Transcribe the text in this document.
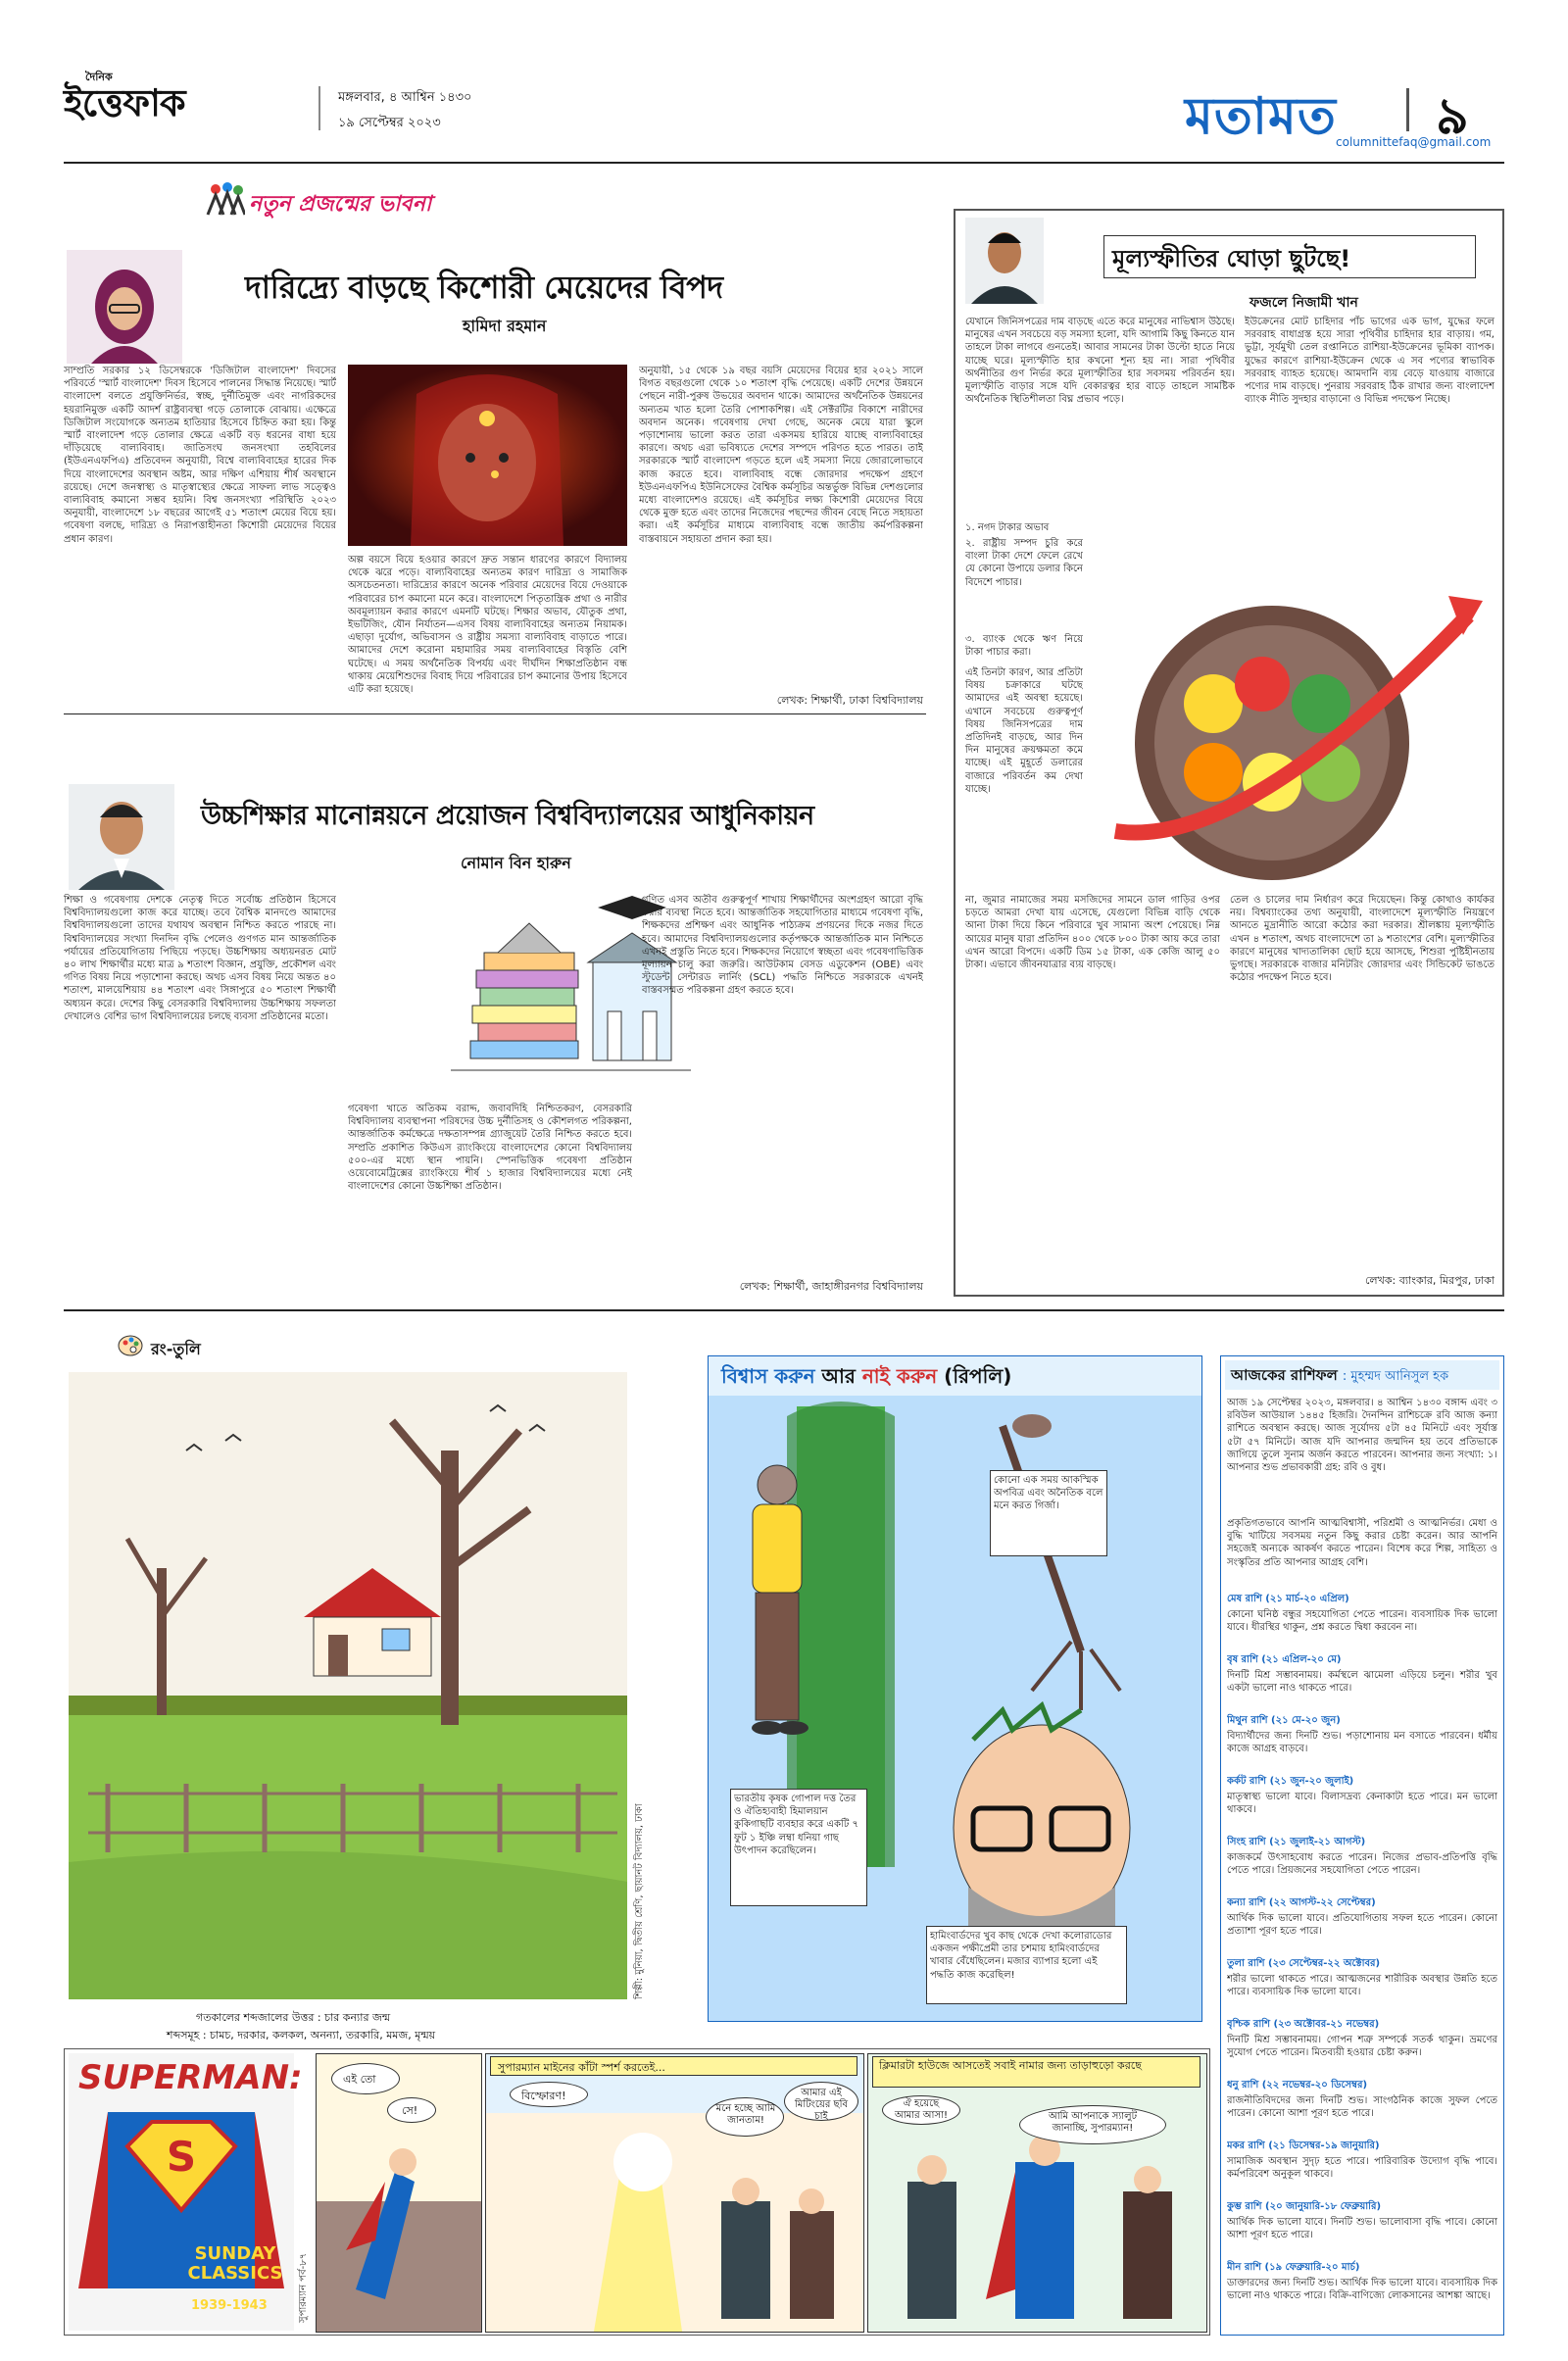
দৈনিক
ইত্তেফাক	মঙ্গলবার, ৪ আশ্বিন ১৪৩০
১৯ সেপ্টেম্বর ২০২৩	মতামত ৯
columnittefaq@gmail.com
নতুন প্রজন্মের ভাবনা
দারিদ্র্যে বাড়ছে কিশোরী মেয়েদের বিপদ
হামিদা রহমান
সাম্প্রতি সরকার ১২ ডিসেম্বরকে 'ডিজিটাল বাংলাদেশ' দিবসের পরিবর্তে 'স্মার্ট বাংলাদেশ' দিবস হিসেবে পালনের সিদ্ধান্ত নিয়েছে। স্মার্ট বাংলাদেশ বলতে প্রযুক্তিনির্ভর, স্বচ্ছ, দুর্নীতিমুক্ত এবং নাগরিকদের হয়রানিমুক্ত একটি আদর্শ রাষ্ট্রব্যবস্থা গড়ে তোলাকে বোঝায়। এক্ষেত্রে ডিজিটাল সংযোগকে অন্যতম হাতিয়ার হিসেবে চিহ্নিত করা হয়। কিন্তু স্মার্ট বাংলাদেশ গড়ে তোলার ক্ষেত্রে একটি বড় ধরনের বাধা হয়ে দাঁড়িয়েছে বাল্যবিবাহ। জাতিসংঘ জনসংখ্যা তহবিলের (ইউএনএফপিএ) প্রতিবেদন অনুযায়ী, বিশ্বে বাল্যবিবাহের হারের দিক দিয়ে বাংলাদেশের অবস্থান অষ্টম, আর দক্ষিণ এশিয়ায় শীর্ষ অবস্থানে রয়েছে। দেশে জনস্বাস্থ্য ও মাতৃস্বাস্থ্যের ক্ষেত্রে সাফল্য লাভ সত্ত্বেও বাল্যবিবাহ কমানো সম্ভব হয়নি। বিশ্ব জনসংখ্যা পরিস্থিতি ২০২৩ অনুযায়ী, বাংলাদেশে ১৮ বছরের আগেই ৫১ শতাংশ মেয়ের বিয়ে হয়। গবেষণা বলছে, দারিদ্র্য ও নিরাপত্তাহীনতা কিশোরী মেয়েদের বিয়ের প্রধান কারণ।
অল্প বয়সে বিয়ে হওয়ার কারণে দ্রুত সন্তান ধারণের কারণে বিদ্যালয় থেকে ঝরে পড়ে। বাল্যবিবাহের অন্যতম কারণ দারিদ্র্য ও সামাজিক অসচেতনতা। দারিদ্র্যের কারণে অনেক পরিবার মেয়েদের বিয়ে দেওয়াকে পরিবারের চাপ কমানো মনে করে। বাংলাদেশে পিতৃতান্ত্রিক প্রথা ও নারীর অবমূল্যায়ন করার কারণে এমনটি ঘটছে। শিক্ষার অভাব, যৌতুক প্রথা, ইভটিজিং, যৌন নির্যাতন—এসব বিষয় বাল্যবিবাহের অন্যতম নিয়ামক। এছাড়া দুর্যোগ, অভিবাসন ও রাষ্ট্রীয় সমস্যা বাল্যবিবাহ বাড়াতে পারে। আমাদের দেশে করোনা মহামারির সময় বাল্যবিবাহের বিস্তৃতি বেশি ঘটেছে। এ সময় অর্থনৈতিক বিপর্যয় এবং দীর্ঘদিন শিক্ষাপ্রতিষ্ঠান বন্ধ থাকায় মেয়েশিশুদের বিবাহ দিয়ে পরিবারের চাপ কমানোর উপায় হিসেবে এটি করা হয়েছে।
অনুযায়ী, ১৫ থেকে ১৯ বছর বয়সি মেয়েদের বিয়ের হার ২০২১ সালে বিগত বছরগুলো থেকে ১০ শতাংশ বৃদ্ধি পেয়েছে। একটি দেশের উন্নয়নে পেছনে নারী-পুরুষ উভয়ের অবদান থাকে। আমাদের অর্থনৈতিক উন্নয়নের অন্যতম খাত হলো তৈরি পোশাকশিল্প। এই সেক্টরটির বিকাশে নারীদের অবদান অনেক। গবেষণায় দেখা গেছে, অনেক মেয়ে যারা স্কুলে পড়াশোনায় ভালো করত তারা একসময় হারিয়ে যাচ্ছে বাল্যবিবাহের কারণে। অথচ এরা ভবিষ্যতে দেশের সম্পদে পরিণত হতে পারত। তাই সরকারকে স্মার্ট বাংলাদেশ গড়তে হলে এই সমস্যা নিয়ে জোরালোভাবে কাজ করতে হবে। বাল্যবিবাহ বন্ধে জোরদার পদক্ষেপ গ্রহণে ইউএনএফপিএ ইউনিসেফের বৈশ্বিক কর্মসূচির অন্তর্ভুক্ত বিভিন্ন দেশগুলোর মধ্যে বাংলাদেশও রয়েছে। এই কর্মসূচির লক্ষ্য কিশোরী মেয়েদের বিয়ে থেকে মুক্ত হতে এবং তাদের নিজেদের পছন্দের জীবন বেছে নিতে সহায়তা করা। এই কর্মসূচির মাধ্যমে বাল্যবিবাহ বন্ধে জাতীয় কর্মপরিকল্পনা বাস্তবায়নে সহায়তা প্রদান করা হয়।
লেখক: শিক্ষার্থী, ঢাকা বিশ্ববিদ্যালয়
উচ্চশিক্ষার মানোন্নয়নে প্রয়োজন বিশ্ববিদ্যালয়ের আধুনিকায়ন
নোমান বিন হারুন
শিক্ষা ও গবেষণায় দেশকে নেতৃত্ব দিতে সর্বোচ্চ প্রতিষ্ঠান হিসেবে বিশ্ববিদ্যালয়গুলো কাজ করে যাচ্ছে। তবে বৈশ্বিক মানদণ্ডে আমাদের বিশ্ববিদ্যালয়গুলো তাদের যথাযথ অবস্থান নিশ্চিত করতে পারছে না। বিশ্ববিদ্যালয়ের সংখ্যা দিনদিন বৃদ্ধি পেলেও গুণগত মান আন্তর্জাতিক পর্যায়ের প্রতিযোগিতায় পিছিয়ে পড়ছে। উচ্চশিক্ষায় অধ্যয়নরত মোট ৪০ লাখ শিক্ষার্থীর মধ্যে মাত্র ৯ শতাংশ বিজ্ঞান, প্রযুক্তি, প্রকৌশল এবং গণিত বিষয় নিয়ে পড়াশোনা করছে। অথচ এসব বিষয় নিয়ে অন্তত ৪০ শতাংশ, মালয়েশিয়ায় ৪৪ শতাংশ এবং সিঙ্গাপুরে ৫০ শতাংশ শিক্ষার্থী অধ্যয়ন করে। দেশের কিছু বেসরকারি বিশ্ববিদ্যালয় উচ্চশিক্ষায় সফলতা দেখালেও বেশির ভাগ বিশ্ববিদ্যালয়ের চলছে ব্যবসা প্রতিষ্ঠানের মতো।
গবেষণা খাতে অতিকম বরাদ্দ, জবাবদিহি নিশ্চিতকরণ, বেসরকারি বিশ্ববিদ্যালয় ব্যবস্থাপনা পরিষদের উচ্চ দুর্নীতিসহ ও কৌশলগত পরিকল্পনা, আন্তর্জাতিক কর্মক্ষেত্রে দক্ষতাসম্পন্ন গ্র্যাজুয়েট তৈরি নিশ্চিত করতে হবে। সম্প্রতি প্রকাশিত কিউএস র‍্যাংকিংয়ে বাংলাদেশের কোনো বিশ্ববিদ্যালয় ৫০০-এর মধ্যে স্থান পায়নি। স্পেনভিত্তিক গবেষণা প্রতিষ্ঠান ওয়েবোমেট্রিক্সের র‍্যাংকিংয়ে শীর্ষ ১ হাজার বিশ্ববিদ্যালয়ের মধ্যে নেই বাংলাদেশের কোনো উচ্চশিক্ষা প্রতিষ্ঠান।
গণিত এসব অতীব গুরুত্বপূর্ণ শাখায় শিক্ষার্থীদের অংশগ্রহণ আরো বৃদ্ধি করার ব্যবস্থা নিতে হবে। আন্তর্জাতিক সহযোগিতার মাধ্যমে গবেষণা বৃদ্ধি, শিক্ষকদের প্রশিক্ষণ এবং আধুনিক পাঠ্যক্রম প্রণয়নের দিকে নজর দিতে হবে। আমাদের বিশ্ববিদ্যালয়গুলোর কর্তৃপক্ষকে আন্তর্জাতিক মান নিশ্চিতে এখনই প্রস্তুতি নিতে হবে। শিক্ষকদের নিয়োগে স্বচ্ছতা এবং গবেষণাভিত্তিক মূল্যায়ন চালু করা জরুরি। আউটকাম বেসড এডুকেশন (OBE) এবং স্টুডেন্ট সেন্টারড লার্নিং (SCL) পদ্ধতি নিশ্চিতে সরকারকে এখনই বাস্তবসম্মত পরিকল্পনা গ্রহণ করতে হবে।
লেখক: শিক্ষার্থী, জাহাঙ্গীরনগর বিশ্ববিদ্যালয়
মূল্যস্ফীতির ঘোড়া ছুটছে!
ফজলে নিজামী খান
যেখানে জিনিসপত্রের দাম বাড়ছে এতে করে মানুষের নাভিশ্বাস উঠছে। মানুষের এখন সবচেয়ে বড় সমস্যা হলো, যদি আগামি কিছু কিনতে যান তাহলে টাকা লাগবে গুনতেই। আবার সামনের টাকা উল্টো হাতে নিয়ে যাচ্ছে ঘরে। মূল্যস্ফীতি হার কখনো শূন্য হয় না। সারা পৃথিবীর অর্থনীতির গুণ নির্ভর করে মূল্যস্ফীতির হার সবসময় পরিবর্তন হয়। মূল্যস্ফীতি বাড়ার সঙ্গে যদি বেকারত্বর হার বাড়ে তাহলে সামষ্টিক অর্থনৈতিক স্থিতিশীলতা বিঘ্ন প্রভাব পড়ে।
১. নগদ টাকার অভাব
২. রাষ্ট্রীয় সম্পদ চুরি করে বাংলা টাকা দেশে ফেলে রেখে যে কোনো উপায়ে ডলার কিনে বিদেশে পাচার।
৩. ব্যাংক থেকে ঋণ নিয়ে টাকা পাচার করা।
এই তিনটা কারণ, আর প্রতিটা বিষয় চক্রাকারে ঘটছে আমাদের এই অবস্থা হয়েছে। এখানে সবচেয়ে গুরুত্বপূর্ণ বিষয় জিনিসপত্রের দাম প্রতিদিনই বাড়ছে, আর দিন দিন মানুষের ক্রয়ক্ষমতা কমে যাচ্ছে। এই মুহূর্তে ডলারের বাজারে পরিবর্তন কম দেখা যাচ্ছে।
ইউক্রেনের মোট চাহিদার পাঁচ ভাগের এক ভাগ, যুদ্ধের ফলে সরবরাহ বাধাগ্রস্ত হয়ে সারা পৃথিবীর চাহিদার হার বাড়ায়। গম, ভুট্টা, সূর্যমুখী তেল রপ্তানিতে রাশিয়া-ইউক্রেনের ভূমিকা ব্যাপক। যুদ্ধের কারণে রাশিয়া-ইউক্রেন থেকে এ সব পণ্যের স্বাভাবিক সরবরাহ ব্যাহত হয়েছে। আমদানি ব্যয় বেড়ে যাওয়ায় বাজারে পণ্যের দাম বাড়ছে। পুনরায় সরবরাহ ঠিক রাখার জন্য বাংলাদেশ ব্যাংক নীতি সুদহার বাড়ানো ও বিভিন্ন পদক্ষেপ নিচ্ছে।
না, জুমার নামাজের সময় মসজিদের সামনে ডাল গাড়ির ওপর চড়তে আমরা দেখা যায় এসেছে, যেগুলো বিভিন্ন বাড়ি থেকে আনা টাকা দিয়ে কিনে পরিবারে খুব সামান্য অংশ পেয়েছে। নিম্ন আয়ের মানুষ যারা প্রতিদিন ৪০০ থেকে ৮০০ টাকা আয় করে তারা এখন আরো বিপদে। একটি ডিম ১৫ টাকা, এক কেজি আলু ৫০ টাকা। এভাবে জীবনযাত্রার ব্যয় বাড়ছে।
তেল ও চালের দাম নির্ধারণ করে দিয়েছেন। কিন্তু কোথাও কার্যকর নয়। বিশ্বব্যাংকের তথ্য অনুযায়ী, বাংলাদেশে মূল্যস্ফীতি নিয়ন্ত্রণে আনতে মুদ্রানীতি আরো কঠোর করা দরকার। শ্রীলঙ্কায় মূল্যস্ফীতি এখন ৪ শতাংশ, অথচ বাংলাদেশে তা ৯ শতাংশের বেশি। মূল্যস্ফীতির কারণে মানুষের খাদ্যতালিকা ছোট হয়ে আসছে, শিশুরা পুষ্টিহীনতায় ভুগছে। সরকারকে বাজার মনিটরিং জোরদার এবং সিন্ডিকেট ভাঙতে কঠোর পদক্ষেপ নিতে হবে।
লেখক: ব্যাংকার, মিরপুর, ঢাকা
রং-তুলি
শিল্পী: মুনিয়া, দ্বিতীয় শ্রেণি, ছায়ানট বিদ্যালয়, ঢাকা
গতকালের শব্দজালের উত্তর : চার কন্যার জন্ম
শব্দসমূহ : চামচ, দরকার, কলকল, অনন্যা, তরকারি, মমজ, মৃন্ময়
বিশ্বাস করুন আর নাই করুন (রিপলি)
কোনো এক সময় আকস্মিক অপবিত্র এবং অনৈতিক বলে মনে করত গির্জা।
ভারতীয় কৃষক গোপাল দত্ত তৈর ও ঐতিহ্যবাহী হিমালয়ান কুকিগাছটি ব্যবহার করে একটি ৭ ফুট ১ ইঞ্চি লম্বা ধনিয়া গাছ উৎপাদন করেছিলেন।
হামিংবার্ডদের খুব কাছ থেকে দেখা কলোরাডোর একজন পক্ষীপ্রেমী তার চশমায় হামিংবার্ডদের খাবার বেঁধেছিলেন। মজার ব্যাপার হলো এই পদ্ধতি কাজ করেছিল!
আজকের রাশিফল : মুহম্মদ আনিসুল হক
আজ ১৯ সেপ্টেম্বর ২০২৩, মঙ্গলবার। ৪ আশ্বিন ১৪৩০ বঙ্গাব্দ এবং ৩ রবিউল আউয়াল ১৪৪৫ হিজরি। দৈনন্দিন রাশিচক্রে রবি আজ কন্যা রাশিতে অবস্থান করছে। আজ সূর্যোদয় ৫টা ৪৫ মিনিটে এবং সূর্যাস্ত ৫টা ৫৭ মিনিটে। আজ যদি আপনার জন্মদিন হয় তবে প্রতিভাকে জাগিয়ে তুলে সুনাম অর্জন করতে পারবেন। আপনার জন্য সংখ্যা: ১। আপনার শুভ প্রভাবকারী গ্রহ: রবি ও বুধ।
প্রকৃতিগতভাবে আপনি আত্মবিশ্বাসী, পরিশ্রমী ও আত্মনির্ভর। মেধা ও বুদ্ধি খাটিয়ে সবসময় নতুন কিছু করার চেষ্টা করেন। আর আপনি সহজেই অন্যকে আকর্ষণ করতে পারেন। বিশেষ করে শিল্প, সাহিত্য ও সংস্কৃতির প্রতি আপনার আগ্রহ বেশি।
মেষ রাশি (২১ মার্চ-২০ এপ্রিল)
কোনো ঘনিষ্ঠ বন্ধুর সহযোগিতা পেতে পারেন। ব্যবসায়িক দিক ভালো যাবে। ধীরস্থির থাকুন, প্রশ্ন করতে দ্বিধা করবেন না।
বৃষ রাশি (২১ এপ্রিল-২০ মে)
দিনটি মিশ্র সম্ভাবনাময়। কর্মস্থলে ঝামেলা এড়িয়ে চলুন। শরীর খুব একটা ভালো নাও থাকতে পারে।
মিথুন রাশি (২১ মে-২০ জুন)
বিদ্যার্থীদের জন্য দিনটি শুভ। পড়াশোনায় মন বসাতে পারবেন। ধর্মীয় কাজে আগ্রহ বাড়বে।
কর্কট রাশি (২১ জুন-২০ জুলাই)
মাতৃস্বাস্থ্য ভালো যাবে। বিলাসদ্রব্য কেনাকাটা হতে পারে। মন ভালো থাকবে।
সিংহ রাশি (২১ জুলাই-২১ আগস্ট)
কাজকর্মে উৎসাহবোধ করতে পারেন। নিজের প্রভাব-প্রতিপত্তি বৃদ্ধি পেতে পারে। প্রিয়জনের সহযোগিতা পেতে পারেন।
কন্যা রাশি (২২ আগস্ট-২২ সেপ্টেম্বর)
আর্থিক দিক ভালো যাবে। প্রতিযোগিতায় সফল হতে পারেন। কোনো প্রত্যাশা পূরণ হতে পারে।
তুলা রাশি (২৩ সেপ্টেম্বর-২২ অক্টোবর)
শরীর ভালো থাকতে পারে। আত্মজনের শারীরিক অবস্থার উন্নতি হতে পারে। ব্যবসায়িক দিক ভালো যাবে।
বৃশ্চিক রাশি (২৩ অক্টোবর-২১ নভেম্বর)
দিনটি মিশ্র সম্ভাবনাময়। গোপন শত্রু সম্পর্কে সতর্ক থাকুন। ভ্রমণের সুযোগ পেতে পারেন। মিতব্যয়ী হওয়ার চেষ্টা করুন।
ধনু রাশি (২২ নভেম্বর-২০ ডিসেম্বর)
রাজনীতিবিদদের জন্য দিনটি শুভ। সাংগঠনিক কাজে সুফল পেতে পারেন। কোনো আশা পূরণ হতে পারে।
মকর রাশি (২১ ডিসেম্বর-১৯ জানুয়ারি)
সামাজিক অবস্থান সুদৃঢ় হতে পারে। পারিবারিক উদ্যোগ বৃদ্ধি পাবে। কর্মপরিবেশ অনুকূল থাকবে।
কুম্ভ রাশি (২০ জানুয়ারি-১৮ ফেব্রুয়ারি)
আর্থিক দিক ভালো যাবে। দিনটি শুভ। ভালোবাসা বৃদ্ধি পাবে। কোনো আশা পূরণ হতে পারে।
মীন রাশি (১৯ ফেব্রুয়ারি-২০ মার্চ)
ডাক্তারদের জন্য দিনটি শুভ। আর্থিক দিক ভালো যাবে। ব্যবসায়িক দিক ভালো নাও থাকতে পারে। বিক্রি-বাণিজ্যে লোকসানের আশঙ্কা আছে।
S
SUPERMAN:
SUNDAY CLASSICS
1939-1943	সুপারম্যান পর্ব-৮৭
এই তো
সে!
সুপারম্যান মাইনের কাঁটা স্পর্শ করতেই...
বিস্ফোরণ!
মনে হচ্ছে আমি জানতাম!
আমার এই মিটিংয়ের ছবি চাই
ক্লিমারটা হাউজে আসতেই সবাই নামার জন্য তাড়াহুড়ো করছে
ঐ হয়েছে আমার আসা!	আমি আপনাকে স্যালুট জানাচ্ছি, সুপারম্যান!
